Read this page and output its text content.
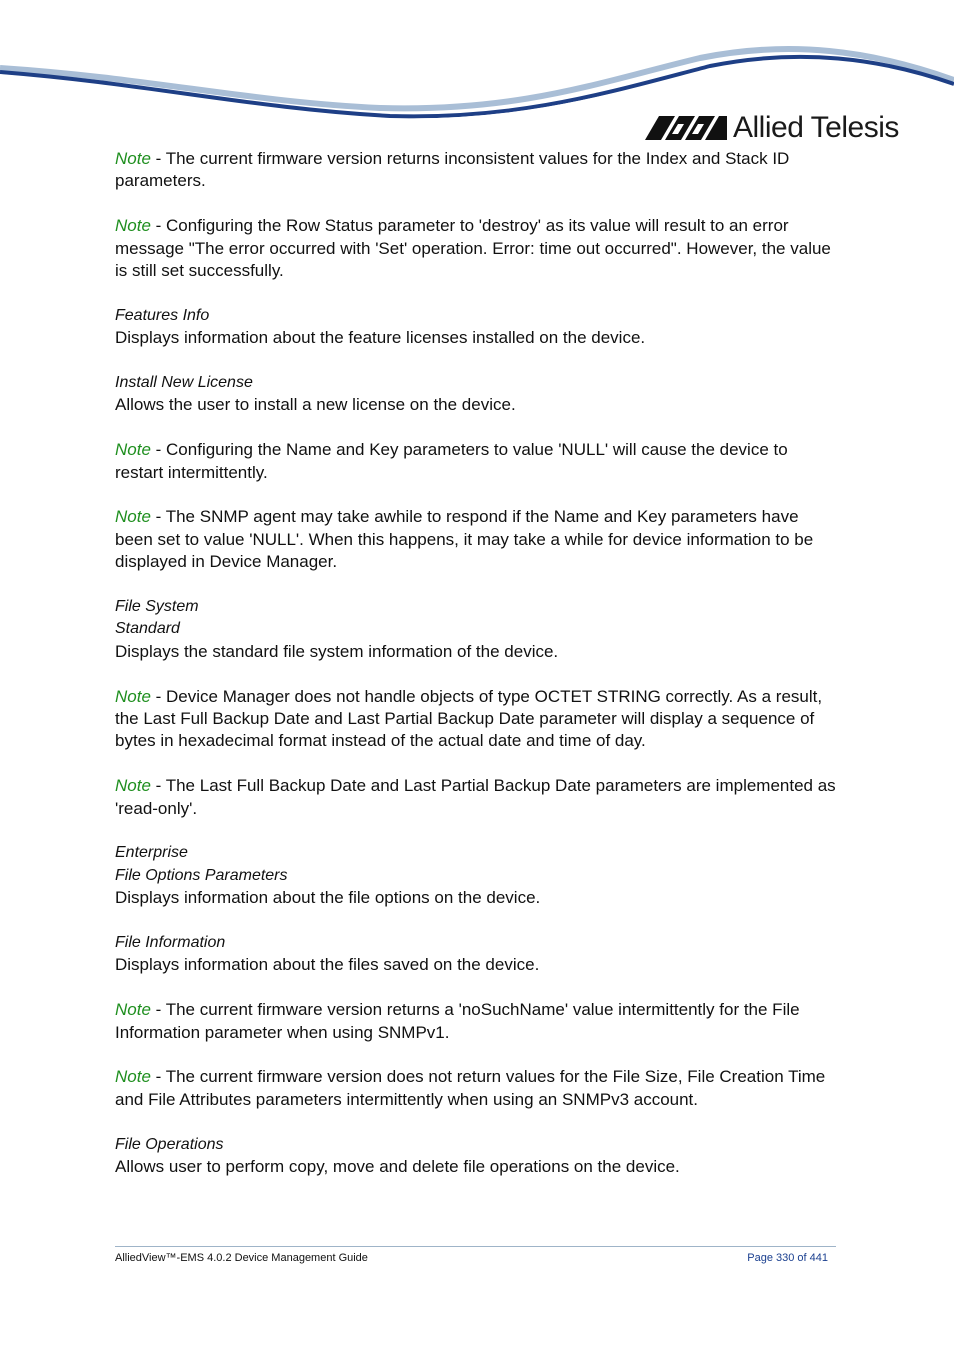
Allied Telesis

Note - The current firmware version returns inconsistent values for the Index and Stack ID parameters.

Note - Configuring the Row Status parameter to 'destroy' as its value will result to an error message "The error occurred with 'Set' operation. Error: time out occurred". However, the value is still set successfully.

Features Info

Displays information about the feature licenses installed on the device.

Install New License

Allows the user to install a new license on the device.

Note - Configuring the Name and Key parameters to value 'NULL' will cause the device to restart intermittently.

Note - The SNMP agent may take awhile to respond if the Name and Key parameters have been set to value 'NULL'. When this happens, it may take a while for device information to be displayed in Device Manager.

File System

Standard

Displays the standard file system information of the device.

Note - Device Manager does not handle objects of type OCTET STRING correctly. As a result, the Last Full Backup Date and Last Partial Backup Date parameter will display a sequence of bytes in hexadecimal format instead of the actual date and time of day.

Note - The Last Full Backup Date and Last Partial Backup Date parameters are implemented as 'read-only'.

Enterprise

File Options Parameters

Displays information about the file options on the device.

File Information

Displays information about the files saved on the device.

Note - The current firmware version returns a 'noSuchName' value intermittently for the File Information parameter when using SNMPv1.

Note - The current firmware version does not return values for the File Size, File Creation Time and File Attributes parameters intermittently when using an SNMPv3 account.

File Operations

Allows user to perform copy, move and delete file operations on the device.

AlliedView™-EMS 4.0.2 Device Management Guide	Page 330 of 441
